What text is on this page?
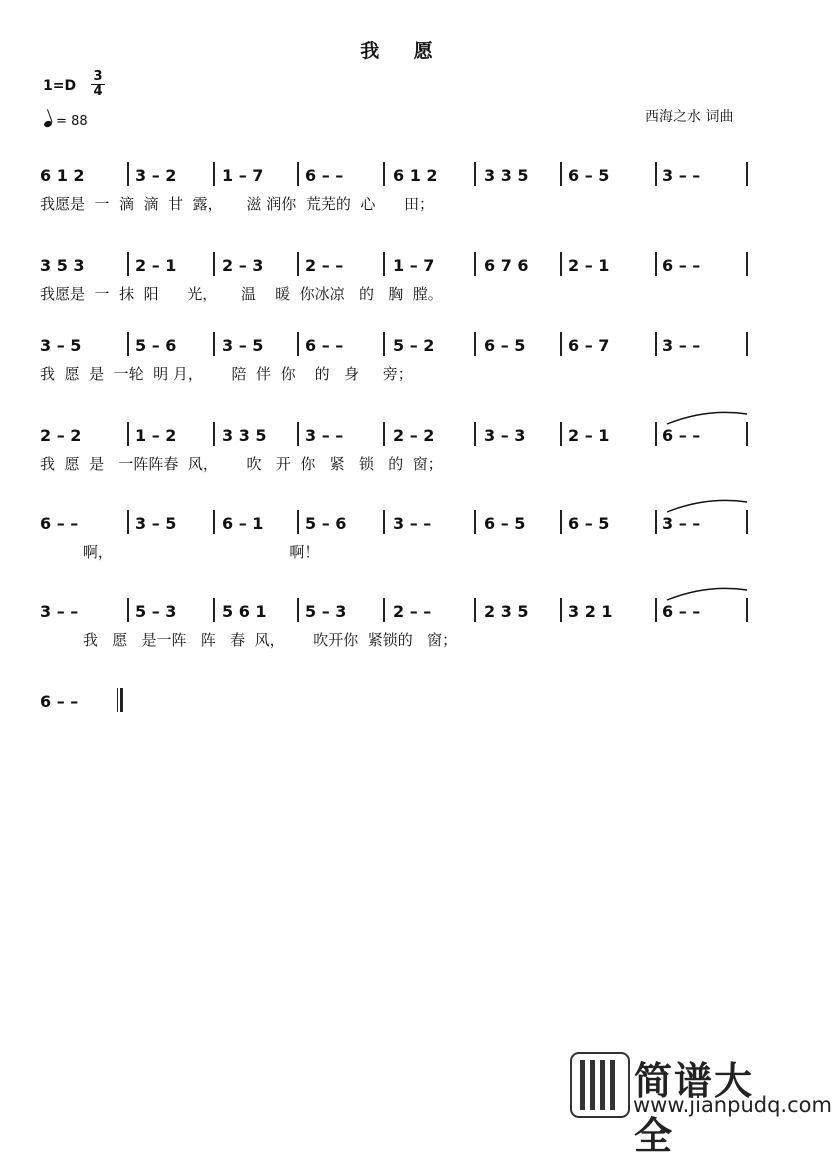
我 愿
$1=D \frac{3}{4}$
= 88	西海之水 词曲
6 1 2	3 – 2	1 – 7	6 – –	6 1 2	3 3 5 6 – 5	3 – –
我愿是  一  滴  滴  甘  露，     滋 润你  荒芜的  心      田；
3 5 3	2 – 1	2 – 3	2 – –	1 – 7	6 7 6 2 – 1	6 – –
我愿是  一  抹  阳      光，     温    暖  你冰凉   的   胸  膛。
3 – 5	5 – 6	3 – 5	6 – –	5 – 2	6 – 5	6 – 7	3 – –
我  愿  是  一轮  明 月，      陪  伴  你    的   身     旁；
2 – 2	1 – 2	3 3 5 3 – –	2 – 2	3 – 3	2 – 1	6 – –
我  愿  是   一阵阵春  风，      吹   开  你   紧   锁   的  窗；
6 – –	3 – 5	6 – 1	5 – 6	3 – –	6 – 5	6 – 5	3 – –
啊，                                     啊！
3 – –	5 – 3	5 6 1 5 – 3	2 – –	2 3 5 3 2 1	6 – –
我   愿   是一阵   阵   春  风，      吹开你  紧锁的   窗；
6 – –
简谱大全
www.jianpudq.com
